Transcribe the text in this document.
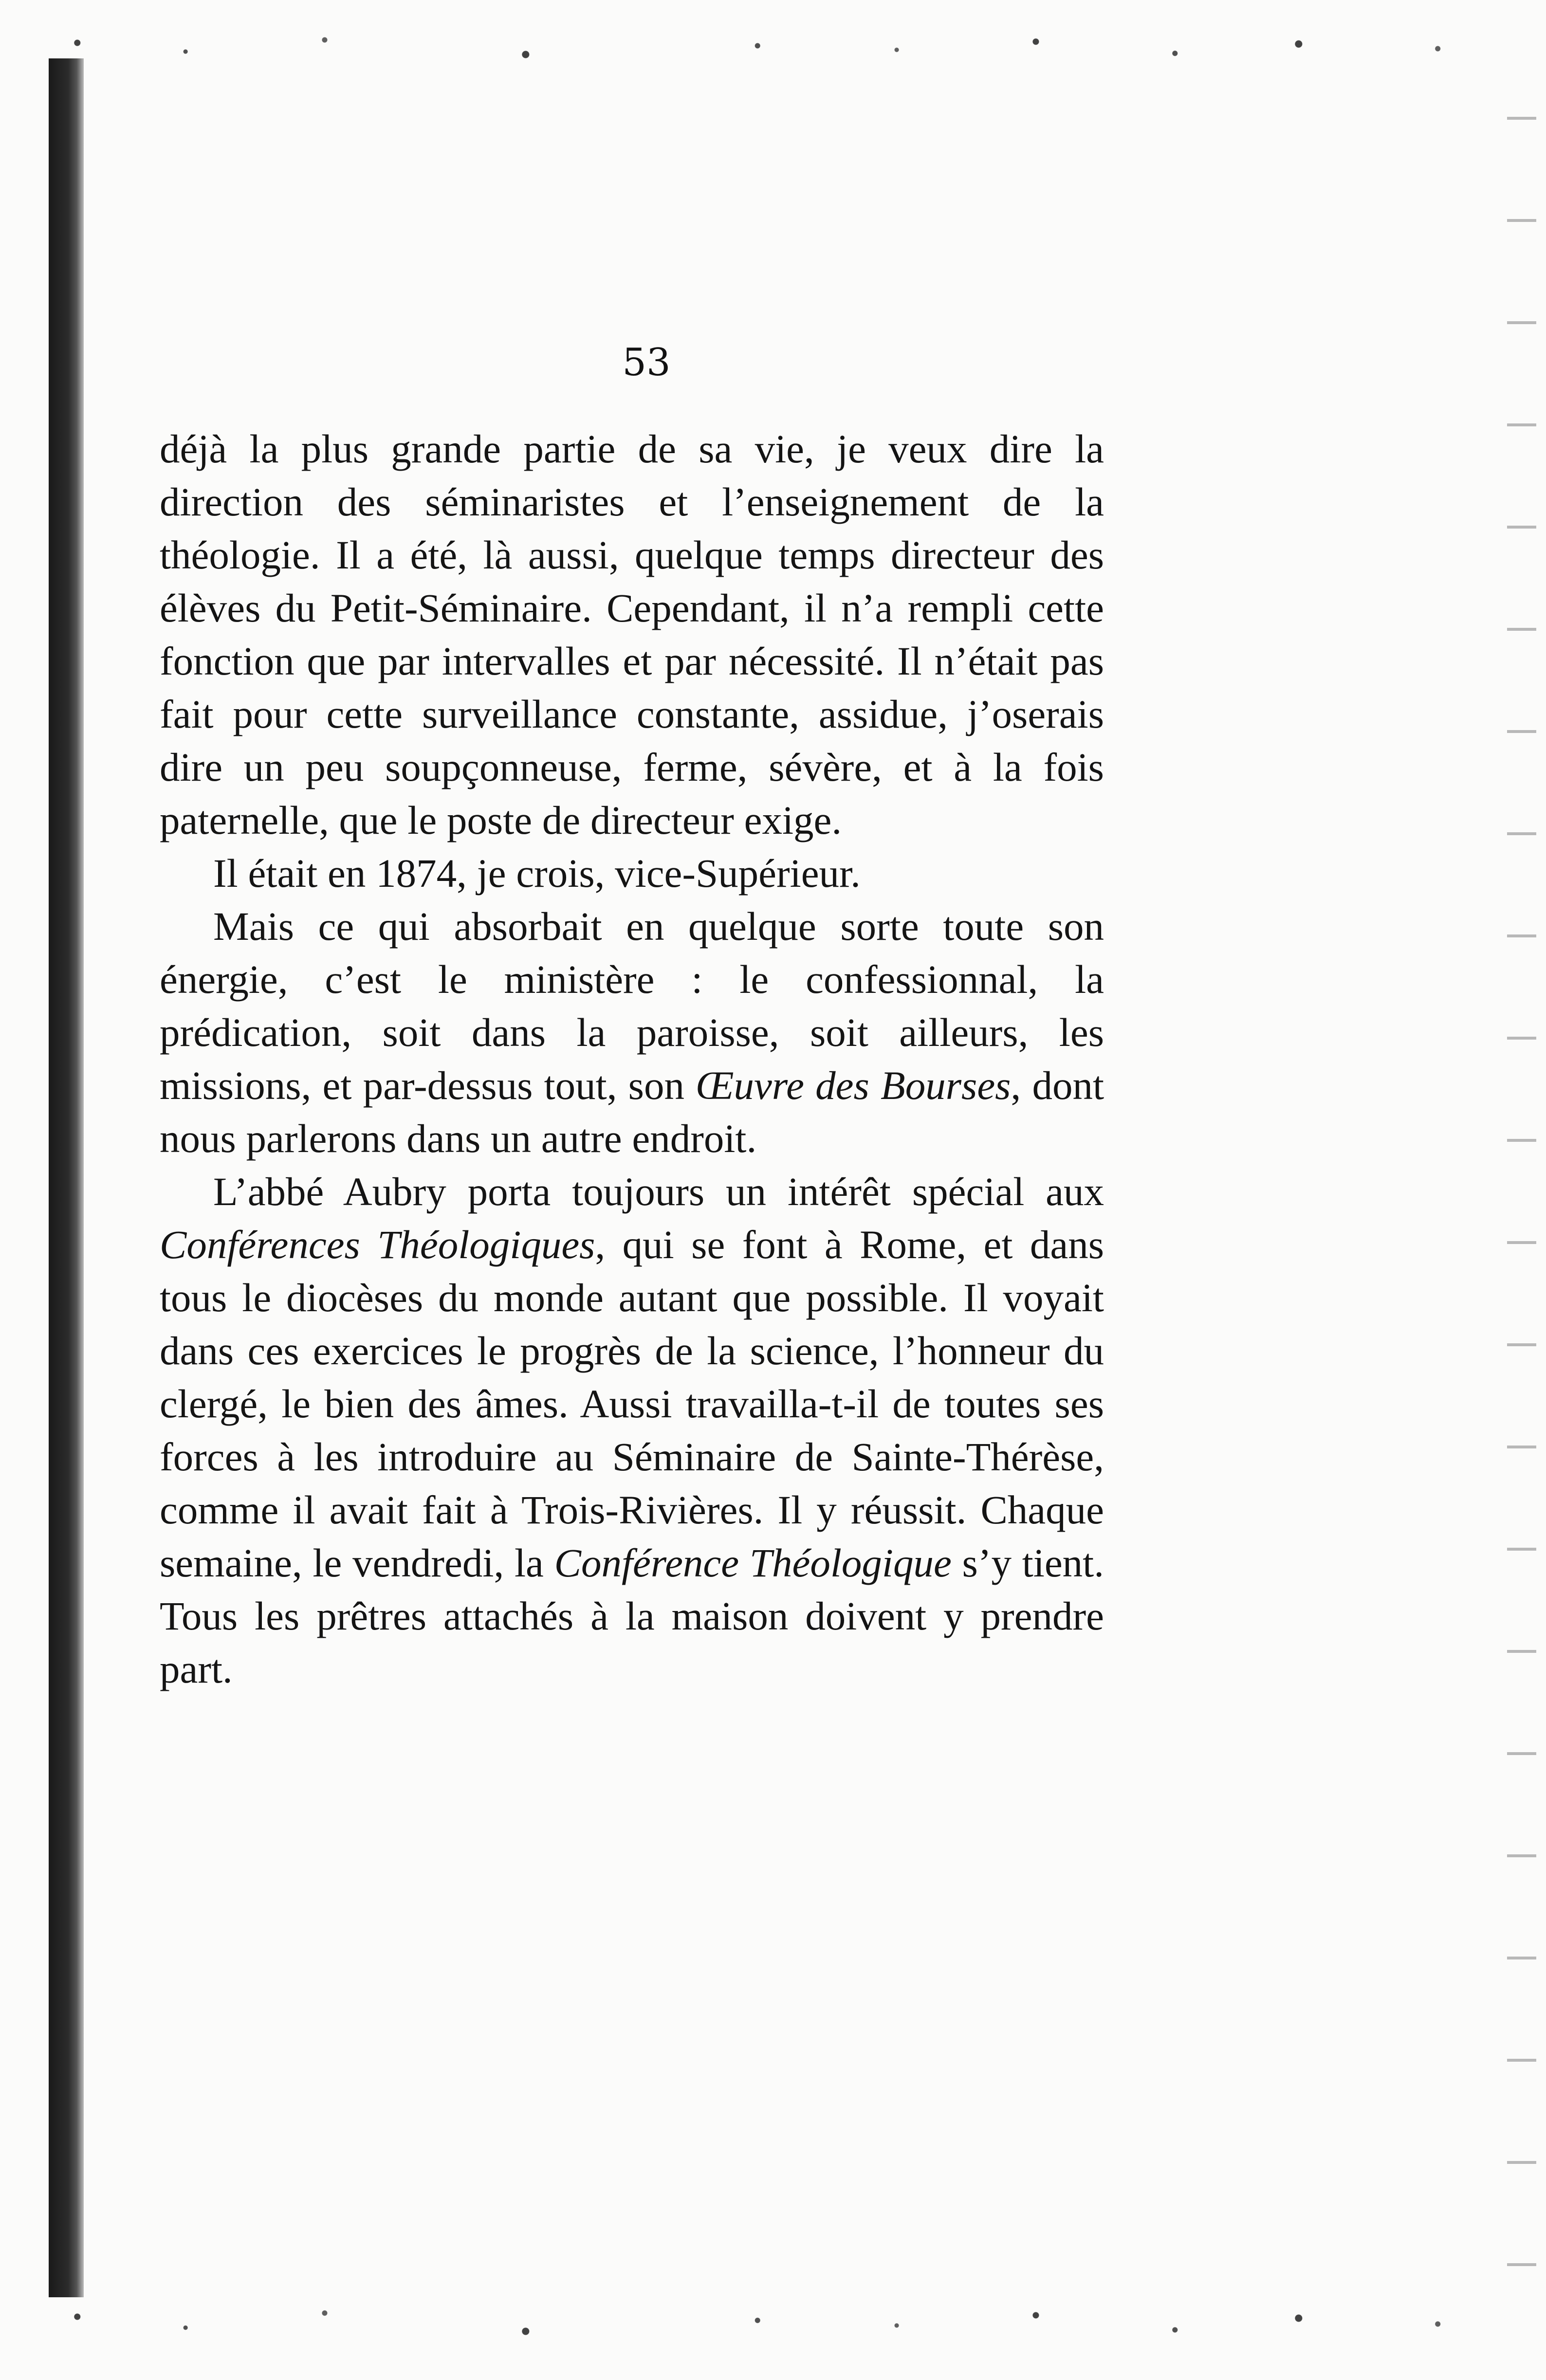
53

déjà la plus grande partie de sa vie, je veux dire la direction des séminaristes et l’enseignement de la théologie. Il a été, là aussi, quelque temps directeur des élèves du Petit-Séminaire. Cependant, il n’a rempli cette fonction que par intervalles et par nécessité. Il n’était pas fait pour cette surveillance constante, assidue, j’oserais dire un peu soupçonneuse, ferme, sévère, et à la fois paternelle, que le poste de directeur exige.

Il était en 1874, je crois, vice-Supérieur.

Mais ce qui absorbait en quelque sorte toute son énergie, c’est le ministère : le confessionnal, la prédication, soit dans la paroisse, soit ailleurs, les missions, et par-dessus tout, son Œuvre des Bourses, dont nous parlerons dans un autre endroit.

L’abbé Aubry porta toujours un intérêt spécial aux Conférences Théologiques, qui se font à Rome, et dans tous le diocèses du monde autant que possible. Il voyait dans ces exercices le progrès de la science, l’honneur du clergé, le bien des âmes. Aussi travailla-t-il de toutes ses forces à les introduire au Séminaire de Sainte-Thérèse, comme il avait fait à Trois-Rivières. Il y réussit. Chaque semaine, le vendredi, la Conférence Théologique s’y tient. Tous les prêtres attachés à la maison doivent y prendre part.
